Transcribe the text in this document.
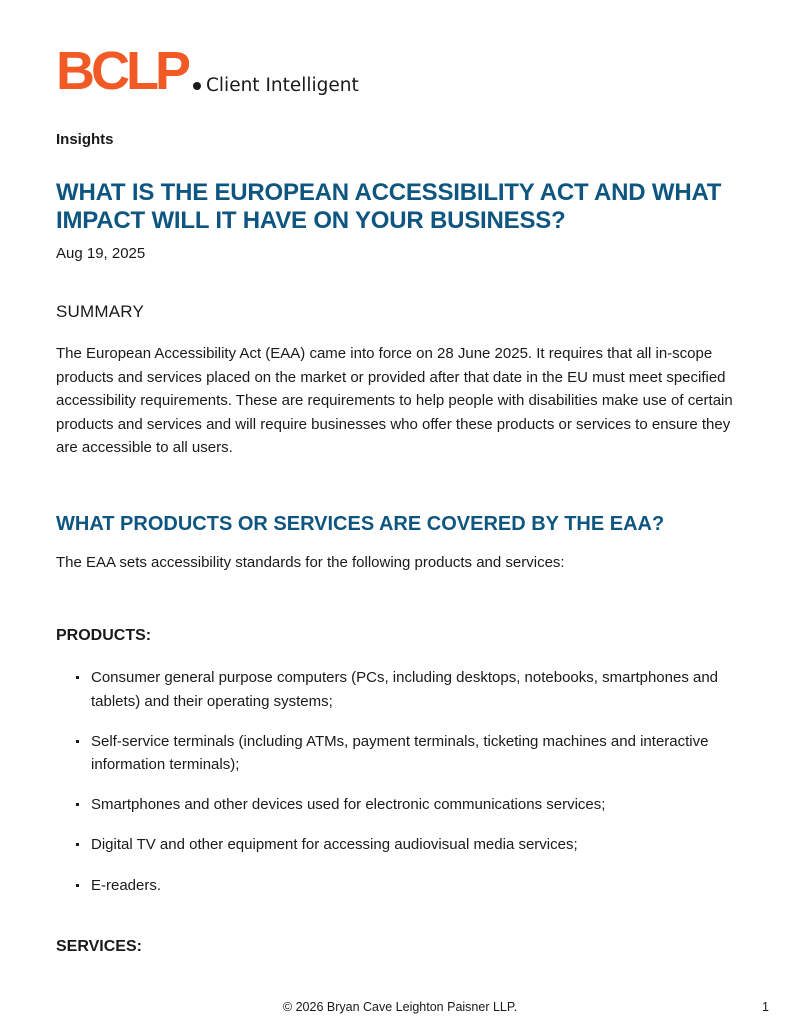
BCLP Client Intelligent
Insights
WHAT IS THE EUROPEAN ACCESSIBILITY ACT AND WHAT IMPACT WILL IT HAVE ON YOUR BUSINESS?
Aug 19, 2025
SUMMARY

The European Accessibility Act (EAA) came into force on 28 June 2025. It requires that all in-scope products and services placed on the market or provided after that date in the EU must meet specified accessibility requirements. These are requirements to help people with disabilities make use of certain products and services and will require businesses who offer these products or services to ensure they are accessible to all users.

WHAT PRODUCTS OR SERVICES ARE COVERED BY THE EAA?

The EAA sets accessibility standards for the following products and services:

PRODUCTS:
Consumer general purpose computers (PCs, including desktops, notebooks, smartphones and tablets) and their operating systems;
Self-service terminals (including ATMs, payment terminals, ticketing machines and interactive information terminals);
Smartphones and other devices used for electronic communications services;
Digital TV and other equipment for accessing audiovisual media services;
E-readers.
SERVICES:
© 2026 Bryan Cave Leighton Paisner LLP.	1
